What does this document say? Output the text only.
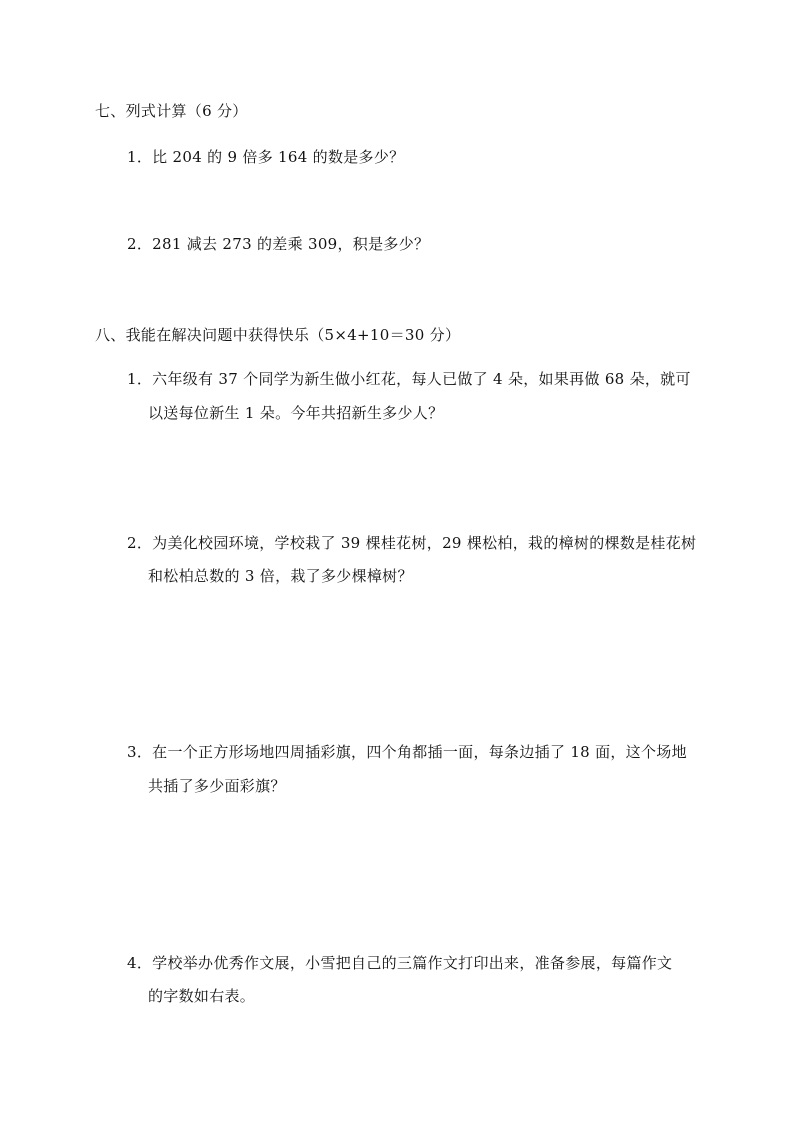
七、列式计算（6 分）
1．比 204 的 9 倍多 164 的数是多少？
2．281 减去 273 的差乘 309，积是多少？
八、我能在解决问题中获得快乐（5×4+10＝30 分）
1．六年级有 37 个同学为新生做小红花，每人已做了 4 朵，如果再做 68 朵，就可
以送每位新生 1 朵。今年共招新生多少人？
2．为美化校园环境，学校栽了 39 棵桂花树，29 棵松柏，栽的樟树的棵数是桂花树
和松柏总数的 3 倍，栽了多少棵樟树？
3．在一个正方形场地四周插彩旗，四个角都插一面，每条边插了 18 面，这个场地
共插了多少面彩旗？
4．学校举办优秀作文展，小雪把自己的三篇作文打印出来，准备参展，每篇作文
的字数如右表。
